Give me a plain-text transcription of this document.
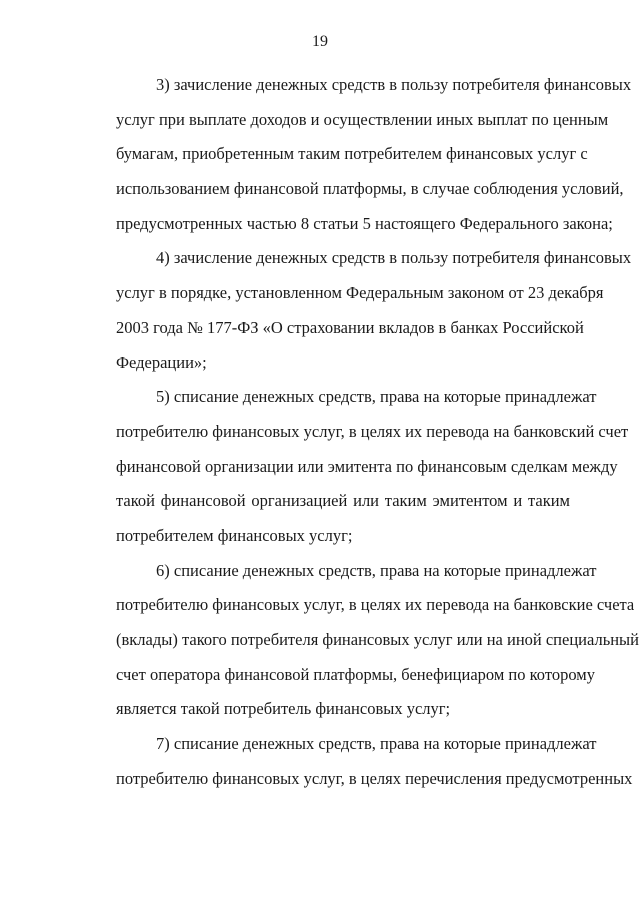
19
3) зачисление денежных средств в пользу потребителя финансовых
услуг при выплате доходов и осуществлении иных выплат по ценным
бумагам, приобретенным таким потребителем финансовых услуг с
использованием финансовой платформы, в случае соблюдения условий,
предусмотренных частью 8 статьи 5 настоящего Федерального закона;
4) зачисление денежных средств в пользу потребителя финансовых
услуг в порядке, установленном Федеральным законом от 23 декабря
2003 года № 177-ФЗ «О страховании вкладов в банках Российской
Федерации»;
5) списание денежных средств, права на которые принадлежат
потребителю финансовых услуг, в целях их перевода на банковский счет
финансовой организации или эмитента по финансовым сделкам между
такой финансовой организацией или таким эмитентом и таким
потребителем финансовых услуг;
6) списание денежных средств, права на которые принадлежат
потребителю финансовых услуг, в целях их перевода на банковские счета
(вклады) такого потребителя финансовых услуг или на иной специальный
счет оператора финансовой платформы, бенефициаром по которому
является такой потребитель финансовых услуг;
7) списание денежных средств, права на которые принадлежат
потребителю финансовых услуг, в целях перечисления предусмотренных
